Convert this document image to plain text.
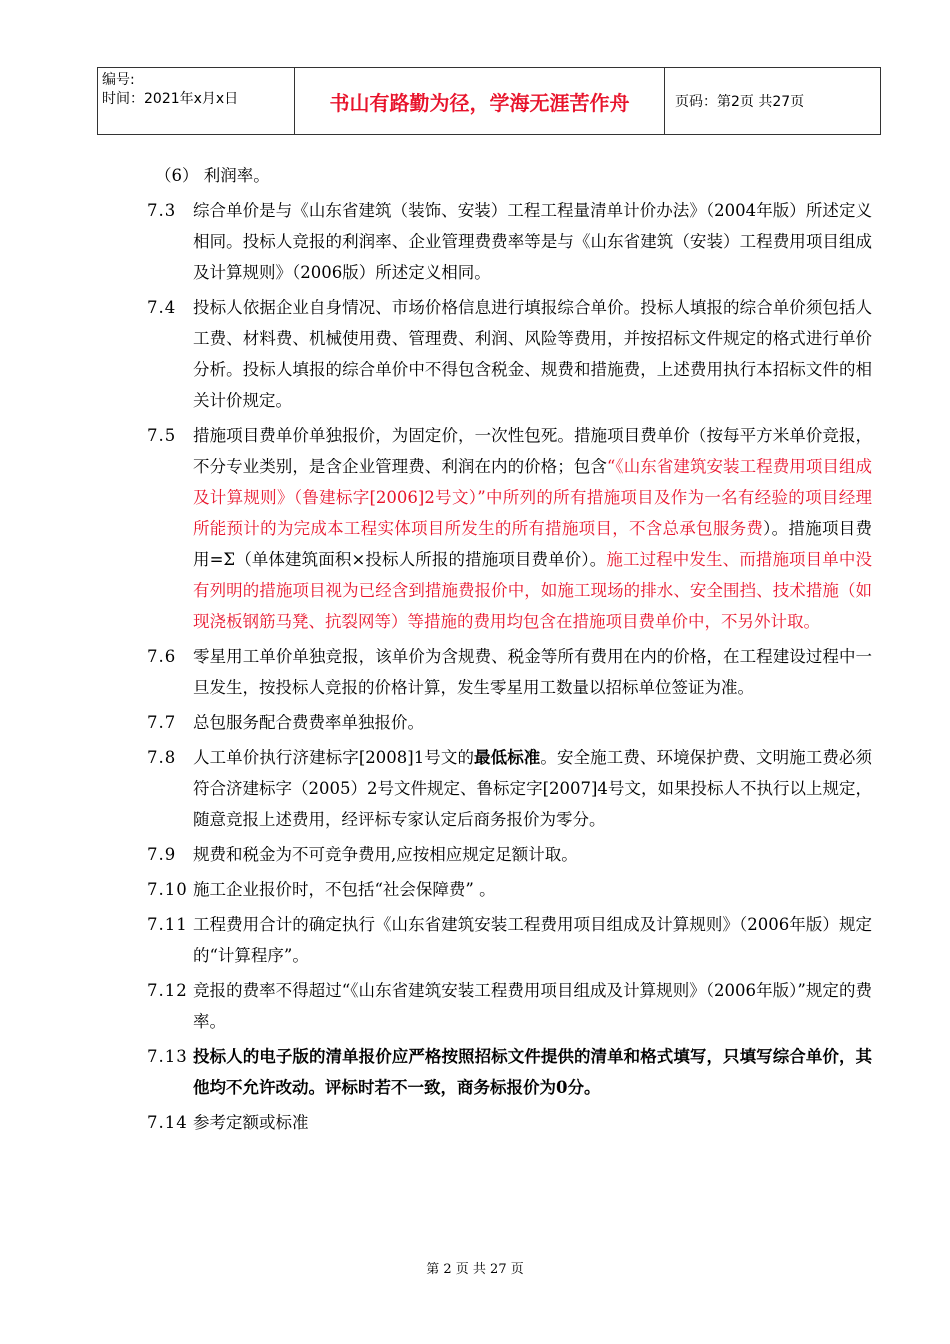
编号:
时间：2021年x月x日	书山有路勤为径，学海无涯苦作舟	页码：第2页 共27页
（6） 利润率。
7.3	综合单价是与《山东省建筑（装饰、安装）工程工程量清单计价办法》（2004年版）所述定义相同。投标人竞报的利润率、企业管理费费率等是与《山东省建筑（安装）工程费用项目组成及计算规则》（2006版）所述定义相同。
7.4	投标人依据企业自身情况、市场价格信息进行填报综合单价。投标人填报的综合单价须包括人工费、材料费、机械使用费、管理费、利润、风险等费用，并按招标文件规定的格式进行单价分析。投标人填报的综合单价中不得包含税金、规费和措施费，上述费用执行本招标文件的相关计价规定。
7.5	措施项目费单价单独报价，为固定价，一次性包死。措施项目费单价（按每平方米单价竞报，不分专业类别，是含企业管理费、利润在内的价格；包含“《山东省建筑安装工程费用项目组成及计算规则》（鲁建标字[2006]2号文）”中所列的所有措施项目及作为一名有经验的项目经理所能预计的为完成本工程实体项目所发生的所有措施项目，不含总承包服务费）。措施项目费用=Σ（单体建筑面积×投标人所报的措施项目费单价）。施工过程中发生、而措施项目单中没有列明的措施项目视为已经含到措施费报价中，如施工现场的排水、安全围挡、技术措施（如现浇板钢筋马凳、抗裂网等）等措施的费用均包含在措施项目费单价中，不另外计取。
7.6	零星用工单价单独竞报，该单价为含规费、税金等所有费用在内的价格，在工程建设过程中一旦发生，按投标人竞报的价格计算，发生零星用工数量以招标单位签证为准。
7.7	总包服务配合费费率单独报价。
7.8	人工单价执行济建标字[2008]1号文的最低标准。安全施工费、环境保护费、文明施工费必须符合济建标字（2005）2号文件规定、鲁标定字[2007]4号文，如果投标人不执行以上规定，随意竞报上述费用，经评标专家认定后商务报价为零分。
7.9	规费和税金为不可竞争费用,应按相应规定足额计取。
7.10 施工企业报价时，不包括“社会保障费” 。
7.11 工程费用合计的确定执行《山东省建筑安装工程费用项目组成及计算规则》（2006年版）规定的“计算程序”。
7.12 竞报的费率不得超过“《山东省建筑安装工程费用项目组成及计算规则》（2006年版）”规定的费率。
7.13 投标人的电子版的清单报价应严格按照招标文件提供的清单和格式填写，只填写综合单价，其他均不允许改动。评标时若不一致，商务标报价为0分。
7.14 参考定额或标准
第 2 页 共 27 页
